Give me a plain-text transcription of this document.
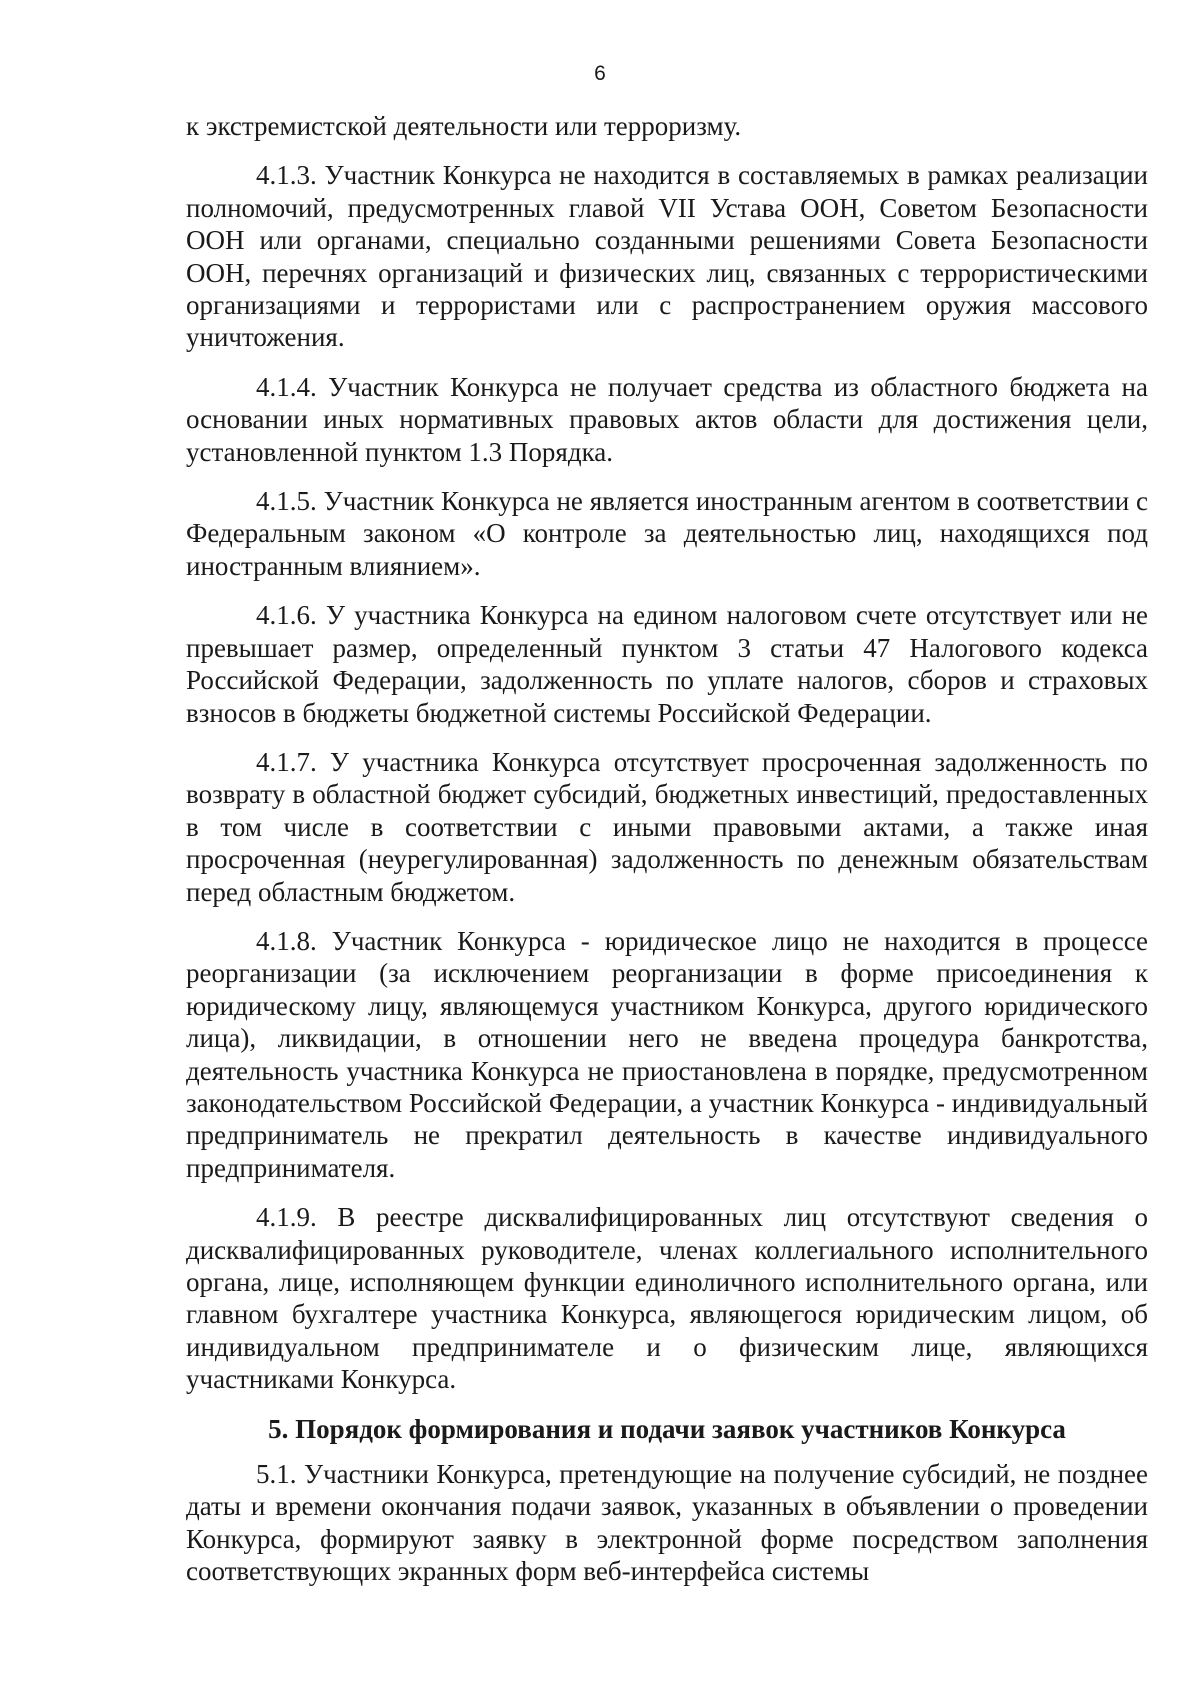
6

к экстремистской деятельности или терроризму.

4.1.3. Участник Конкурса не находится в составляемых в рамках реализации полномочий, предусмотренных главой VII Устава ООН, Советом Безопасности ООН или органами, специально созданными решениями Совета Безопасности ООН, перечнях организаций и физических лиц, связанных с террористическими организациями и террористами или с распространением оружия массового уничтожения.

4.1.4. Участник Конкурса не получает средства из областного бюджета на основании иных нормативных правовых актов области для достижения цели, установленной пунктом 1.3 Порядка.

4.1.5. Участник Конкурса не является иностранным агентом в соответствии с Федеральным законом «О контроле за деятельностью лиц, находящихся под иностранным влиянием».

4.1.6. У участника Конкурса на едином налоговом счете отсутствует или не превышает размер, определенный пунктом 3 статьи 47 Налогового кодекса Российской Федерации, задолженность по уплате налогов, сборов и страховых взносов в бюджеты бюджетной системы Российской Федерации.

4.1.7. У участника Конкурса отсутствует просроченная задолженность по возврату в областной бюджет субсидий, бюджетных инвестиций, предоставленных в том числе в соответствии с иными правовыми актами, а также иная просроченная (неурегулированная) задолженность по денежным обязательствам перед областным бюджетом.

4.1.8. Участник Конкурса - юридическое лицо не находится в процессе реорганизации (за исключением реорганизации в форме присоединения к юридическому лицу, являющемуся участником Конкурса, другого юридического лица), ликвидации, в отношении него не введена процедура банкротства, деятельность участника Конкурса не приостановлена в порядке, предусмотренном законодательством Российской Федерации, а участник Конкурса - индивидуальный предприниматель не прекратил деятельность в качестве индивидуального предпринимателя.

4.1.9. В реестре дисквалифицированных лиц отсутствуют сведения о дисквалифицированных руководителе, членах коллегиального исполнительного органа, лице, исполняющем функции единоличного исполнительного органа, или главном бухгалтере участника Конкурса, являющегося юридическим лицом, об индивидуальном предпринимателе и о физическим лице, являющихся участниками Конкурса.

5. Порядок формирования и подачи заявок участников Конкурса

5.1. Участники Конкурса, претендующие на получение субсидий, не позднее даты и времени окончания подачи заявок, указанных в объявлении о проведении Конкурса, формируют заявку в электронной форме посредством заполнения соответствующих экранных форм веб-интерфейса системы
